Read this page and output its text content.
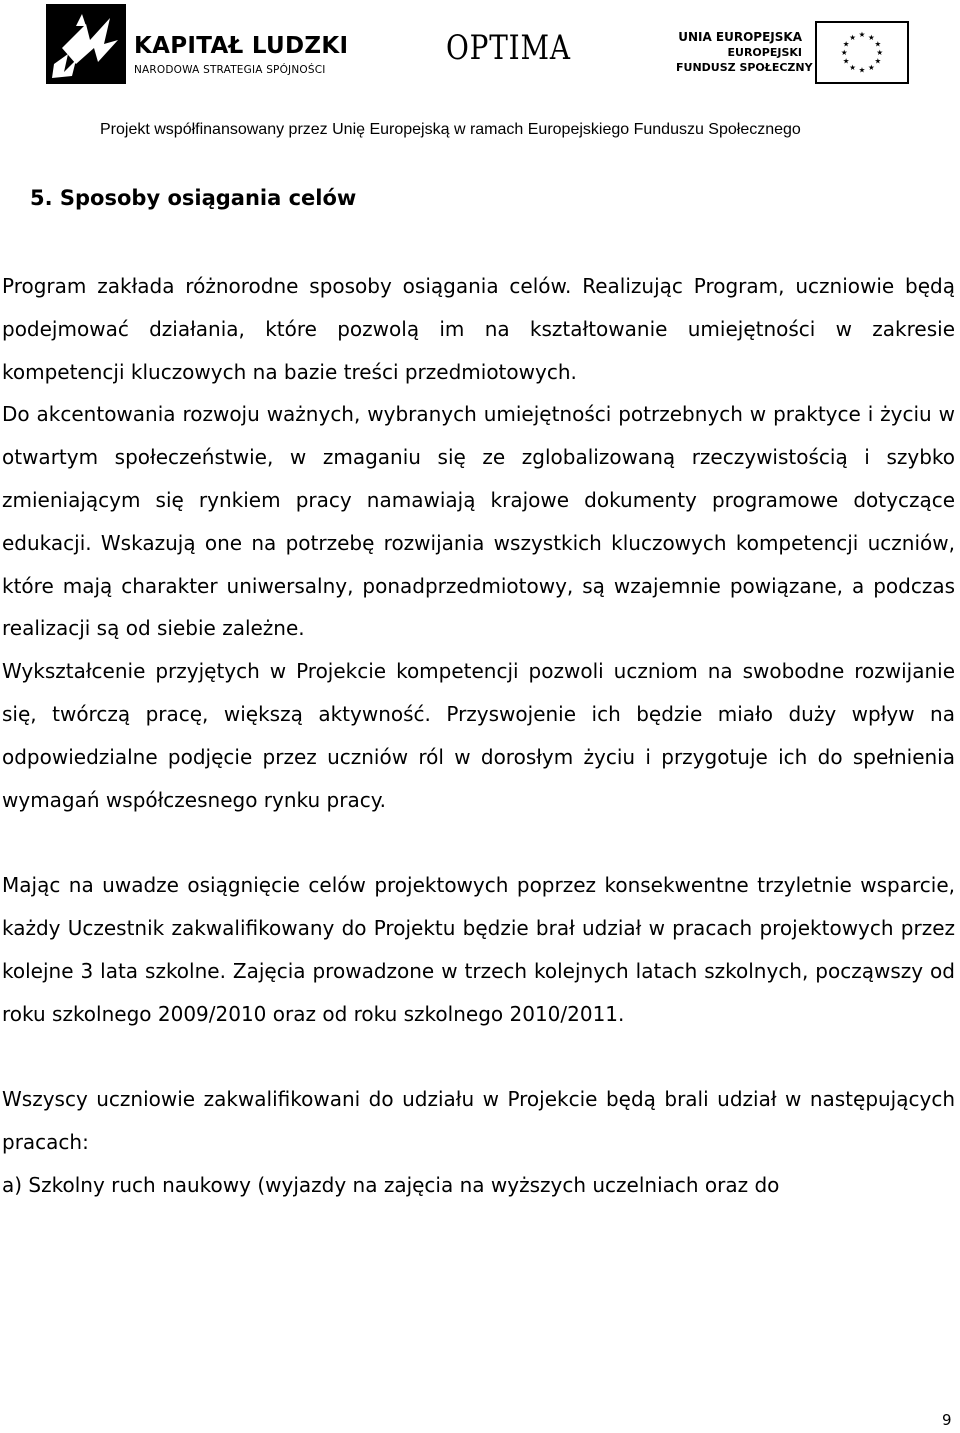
KAPITAŁ LUDZKI
NARODOWA STRATEGIA SPÓJNOŚCI
OPTIMA	UNIA EUROPEJSKA
EUROPEJSKI
FUNDUSZ SPOŁECZNY
★ ★
★
★
★
★
★
★
★
★
★
★
Projekt współfinansowany przez Unię Europejską w ramach Europejskiego Funduszu Społecznego
5. Sposoby osiągania celów

Program zakłada różnorodne sposoby osiągania celów. Realizując Program, uczniowie będą podejmować działania, które pozwolą im na kształtowanie umiejętności w zakresie kompetencji kluczowych na bazie treści przedmiotowych.

Do akcentowania rozwoju ważnych, wybranych umiejętności potrzebnych w praktyce i życiu w otwartym społeczeństwie, w zmaganiu się ze zglobalizowaną rzeczywistością i szybko zmieniającym się rynkiem pracy namawiają krajowe dokumenty programowe dotyczące edukacji. Wskazują one na potrzebę rozwijania wszystkich kluczowych kompetencji uczniów, które mają charakter uniwersalny, ponadprzedmiotowy, są wzajemnie powiązane, a podczas realizacji są od siebie zależne.

Wykształcenie przyjętych w Projekcie kompetencji pozwoli uczniom na swobodne rozwijanie się, twórczą pracę, większą aktywność. Przyswojenie ich będzie miało duży wpływ na odpowiedzialne podjęcie przez uczniów ról w dorosłym życiu i przygotuje ich do spełnienia wymagań współczesnego rynku pracy.

Mając na uwadze osiągnięcie celów projektowych poprzez konsekwentne trzyletnie wsparcie, każdy Uczestnik zakwalifikowany do Projektu będzie brał udział w pracach projektowych przez kolejne 3 lata szkolne. Zajęcia prowadzone w trzech kolejnych latach szkolnych, począwszy od roku szkolnego 2009/2010 oraz od roku szkolnego 2010/2011.

Wszyscy uczniowie zakwalifikowani do udziału w Projekcie będą brali udział w następujących pracach:

a) Szkolny ruch naukowy (wyjazdy na zajęcia na wyższych uczelniach oraz do

9
